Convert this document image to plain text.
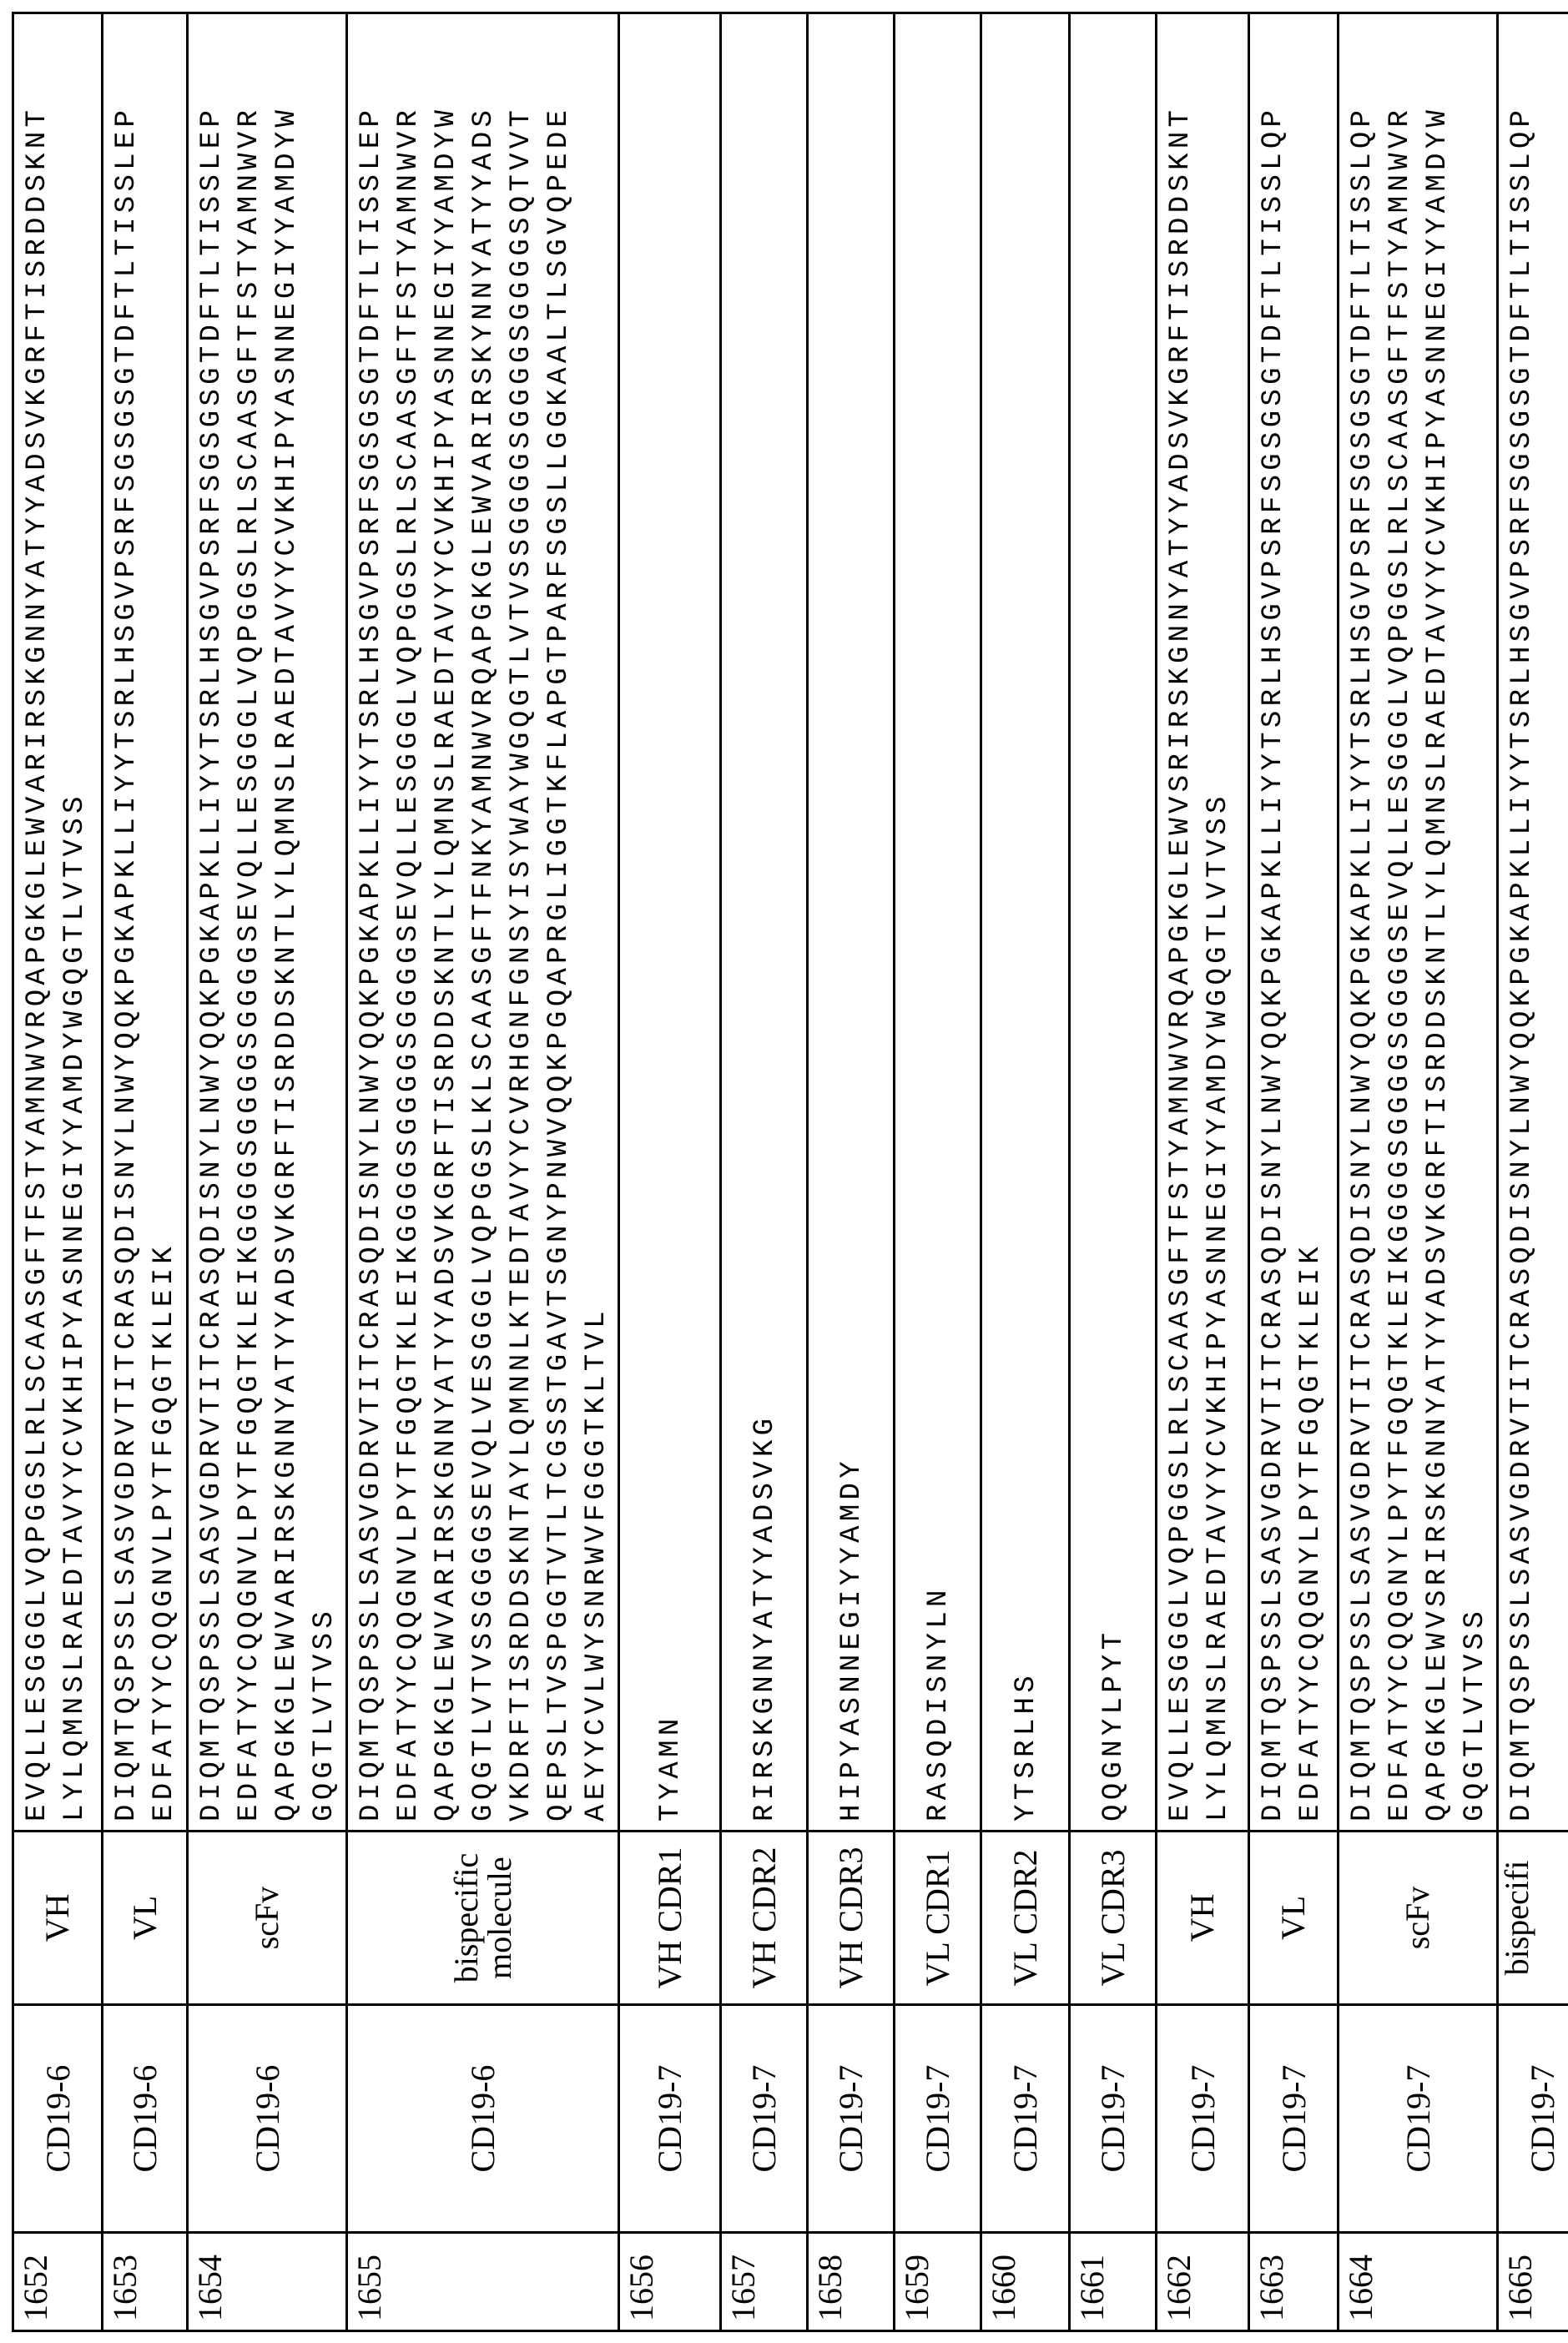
1652	CD19-6	VH	
EVQLLESGGGLVQPGGSLRLSCAASGFTFSTYAMNWVRQAPGKGLEWVARIRSKGNNYATYYADSVKGRFTISRDDSKNT LYLQMNSLRAEDTAVYYCVKHIPYASNNEGIYYAMDYWGQGTLVTVSS

1653	CD19-6	VL	
DIQMTQSPSSLSASVGDRVTITCRASQDISNYLNWYQQKPGKAPKLLIYYTSRLHSGVPSRFSGSGSGTDFTLTISSLEP EDFATYYCQQGNVLPYTFGQGTKLEIK

1654	CD19-6	scFv	
DIQMTQSPSSLSASVGDRVTITCRASQDISNYLNWYQQKPGKAPKLLIYYTSRLHSGVPSRFSGSGSGTDFTLTISSLEP EDFATYYCQQGNVLPYTFGQGTKLEIKGGGGSGGGGSGGGGSEVQLLESGGGLVQPGGSLRLSCAASGFTFSTYAMNWVR QAPGKGLEWVARIRSKGNNYATYYADSVKGRFTISRDDSKNTLYLQMNSLRAEDTAVYYCVKHIPYASNNEGIYYAMDYW GQGTLVTVSS

1655	CD19-6	bispecific molecule	
DIQMTQSPSSLSASVGDRVTITCRASQDISNYLNWYQQKPGKAPKLLIYYTSRLHSGVPSRFSGSGSGTDFTLTISSLEP EDFATYYCQQGNVLPYTFGQGTKLEIKGGGGSGGGGSGGGGSEVQLLESGGGLVQPGGSLRLSCAASGFTFSTYAMNWVR QAPGKGLEWVARIRSKGNNYATYYADSVKGRFTISRDDSKNTLYLQMNSLRAEDTAVYYCVKHIPYASNNEGIYYAMDYW GQGTLVTVSSGGGGSEVQLVESGGGLVQPGGSLKLSCAASGFTFNKYAMNWVRQAPGKGLEWVARIRSKYNNYATYYADS VKDRFTISRDDSKNTAYLQMNNLKTEDTAVYYCVRHGNFGNSYISYWAYWGQGTLVTVSSGGGGSGGGGSGGGGSQTVVT QEPSLTVSPGGTVTLTCGSSTGAVTSGNYPNWVQQKPGQAPRGLIGGTKFLAPGTPARFSGSLLGGKAALTLSGVQPEDE AEYYCVLWYSNRWVFGGGTKLTVL

1656	CD19-7	VH CDR1	
TYAMN

1657	CD19-7	VH CDR2	
RIRSKGNNYATYYADSVKG

1658	CD19-7	VH CDR3	
HIPYASNNEGIYYAMDY

1659	CD19-7	VL CDR1	
RASQDISNYLN

1660	CD19-7	VL CDR2	
YTSRLHS

1661	CD19-7	VL CDR3	
QQGNYLPYT

1662	CD19-7	VH	
EVQLLESGGGLVQPGGSLRLSCAASGFTFSTYAMNWVRQAPGKGLEWVSRIRSKGNNYATYYADSVKGRFTISRDDSKNT LYLQMNSLRAEDTAVYYCVKHIPYASNNEGIYYAMDYWGQGTLVTVSS

1663	CD19-7	VL	
DIQMTQSPSSLSASVGDRVTITCRASQDISNYLNWYQQKPGKAPKLLIYYTSRLHSGVPSRFSGSGSGTDFTLTISSLQP EDFATYYCQQGNYLPYTFGQGTKLEIK

1664	CD19-7	scFv	
DIQMTQSPSSLSASVGDRVTITCRASQDISNYLNWYQQKPGKAPKLLIYYTSRLHSGVPSRFSGSGSGTDFTLTISSLQP EDFATYYCQQGNYLPYTFGQGTKLEIKGGGGSGGGGSGGGGSEVQLLESGGGLVQPGGSLRLSCAASGFTFSTYAMNWVR QAPGKGLEWVSRIRSKGNNYATYYADSVKGRFTISRDDSKNTLYLQMNSLRAEDTAVYYCVKHIPYASNNEGIYYAMDYW GQGTLVTVSS

1665	CD19-7	bispecifi	
DIQMTQSPSSLSASVGDRVTITCRASQDISNYLNWYQQKPGKAPKLLIYYTSRLHSGVPSRFSGSGSGTDFTLTISSLQP
